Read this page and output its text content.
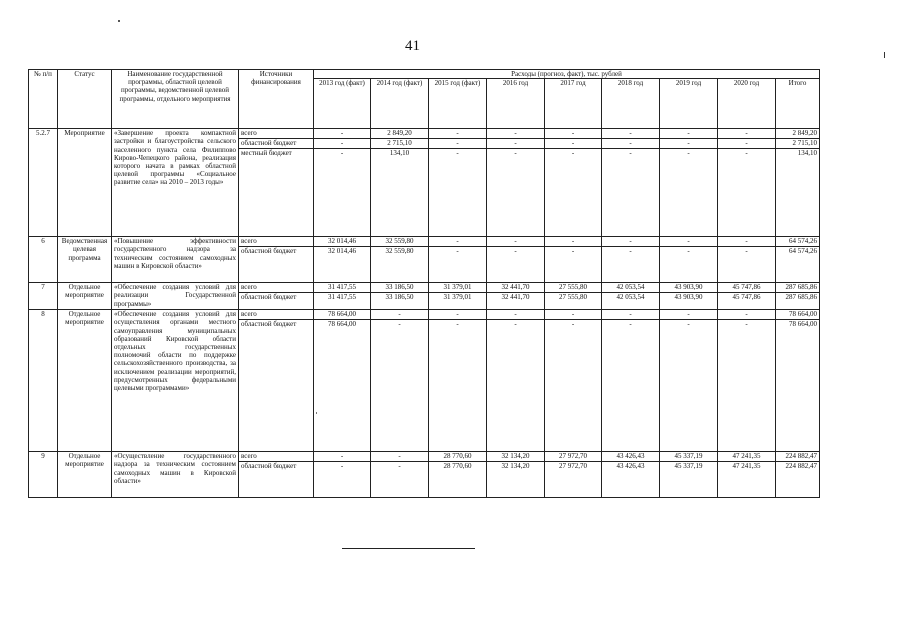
41
№ п/п	Статус	Наименование государственной программы, областной целевой программы, ведомственной целевой программы, отдельного мероприятия	Источники финансирования	Расходы (прогноз, факт), тыс. рублей								
				2013 год (факт)	2014 год (факт)	2015 год (факт)	2016 год	2017 год	2018 год	2019 год	2020 год	Итого
5.2.7	Мероприятие	«Завершение проекта компактной застройки и благоустройства сельского населенного пункта села Филиппово Кирово-Чепецкого района, реализация которого начата в рамках областной целевой программы «Социальное развитие села» на 2010 – 2013 годы»	всего	-	2 849,20	-	-	-	-	-	-	2 849,20
			областной бюджет	-	2 715,10	-	-	-	-	-	-	2 715,10
			местный бюджет	-	134,10	-	-	-	-	-	-	134,10
6	Ведомственная целевая программа	«Повышение эффективности государственного надзора за техническим состоянием самоходных машин в Кировской области»	всего	32 014,46	32 559,80	-	-	-	-	-	-	64 574,26
			областной бюджет	32 014,46	32 559,80	-	-	-	-	-	-	64 574,26
7	Отдельное мероприятие	«Обеспечение создания условий для реализации Государственной программы»	всего	31 417,55	33 186,50	31 379,01	32 441,70	27 555,80	42 053,54	43 903,90	45 747,86	287 685,86
			областной бюджет	31 417,55	33 186,50	31 379,01	32 441,70	27 555,80	42 053,54	43 903,90	45 747,86	287 685,86
8	Отдельное мероприятие	«Обеспечение создания условий для осуществления органами местного самоуправления муниципальных образований Кировской области отдельных государственных полномочий области по поддержке сельскохозяйственного производства, за исключением реализации мероприятий, предусмотренных федеральными целевыми программами»	всего	78 664,00	-	-	-	-	-	-	-	78 664,00
			областной бюджет	78 664,00	-	-	-	-	-	-	-	78 664,00
9	Отдельное мероприятие	«Осуществление государственного надзора за техническим состоянием самоходных машин в Кировской области»	всего	-	-	28 770,60	32 134,20	27 972,70	43 426,43	45 337,19	47 241,35	224 882,47
			областной бюджет	-	-	28 770,60	32 134,20	27 972,70	43 426,43	45 337,19	47 241,35	224 882,47
